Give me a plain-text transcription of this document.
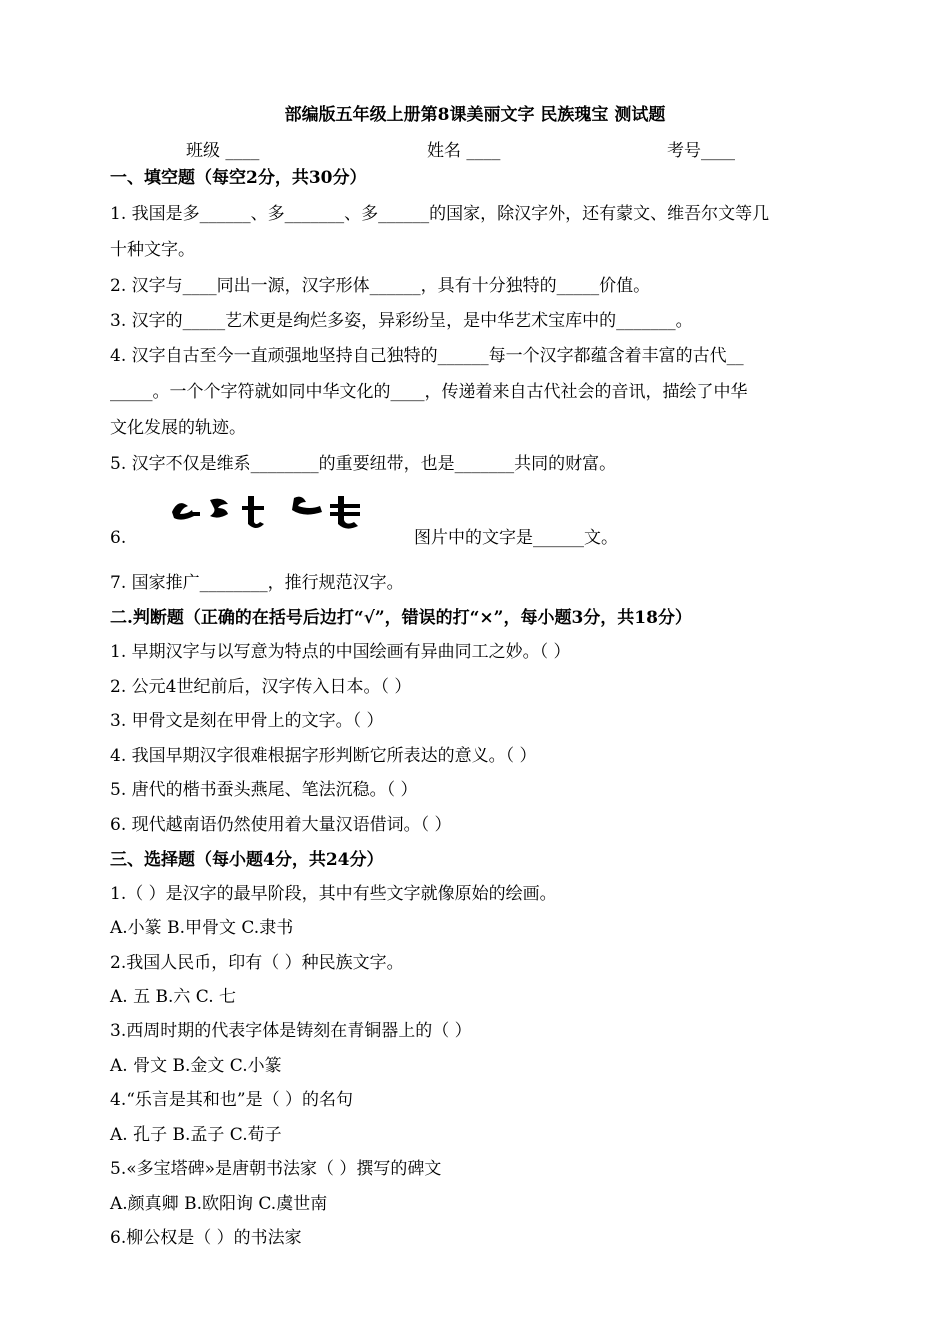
部编版五年级上册第8课美丽文字 民族瑰宝 测试题
班级 ____	姓名 ____	考号____
一、填空题（每空2分，共30分）
1. 我国是多______、多_______、多______的国家，除汉字外，还有蒙文、维吾尔文等几
十种文字。
2. 汉字与____同出一源，汉字形体______，具有十分独特的_____价值。
3. 汉字的_____艺术更是绚烂多姿，异彩纷呈，是中华艺术宝库中的_______。
4. 汉字自古至今一直顽强地坚持自己独特的______每一个汉字都蕴含着丰富的古代__
_____。一个个字符就如同中华文化的____，传递着来自古代社会的音讯，描绘了中华
文化发展的轨迹。
5. 汉字不仅是维系________的重要纽带，也是_______共同的财富。
6.	图片中的文字是______文。
7. 国家推广________，推行规范汉字。
二.判断题（正确的在括号后边打“√”，错误的打“×”，每小题3分，共18分）
1. 早期汉字与以写意为特点的中国绘画有异曲同工之妙。（ ）
2. 公元4世纪前后，汉字传入日本。（ ）
3. 甲骨文是刻在甲骨上的文字。（ ）
4. 我国早期汉字很难根据字形判断它所表达的意义。（ ）
5. 唐代的楷书蚕头燕尾、笔法沉稳。（ ）
6. 现代越南语仍然使用着大量汉语借词。（ ）
三、选择题（每小题4分，共24分）
1.（ ）是汉字的最早阶段，其中有些文字就像原始的绘画。
A.小篆 B.甲骨文 C.隶书
2.我国人民币，印有（ ）种民族文字。
A. 五 B.六 C. 七
3.西周时期的代表字体是铸刻在青铜器上的（ ）
A. 骨文 B.金文 C.小篆
4.“乐言是其和也”是（ ）的名句
A. 孔子 B.孟子 C.荀子
5.«多宝塔碑»是唐朝书法家（ ）撰写的碑文
A.颜真卿 B.欧阳询 C.虞世南
6.柳公权是（ ）的书法家
